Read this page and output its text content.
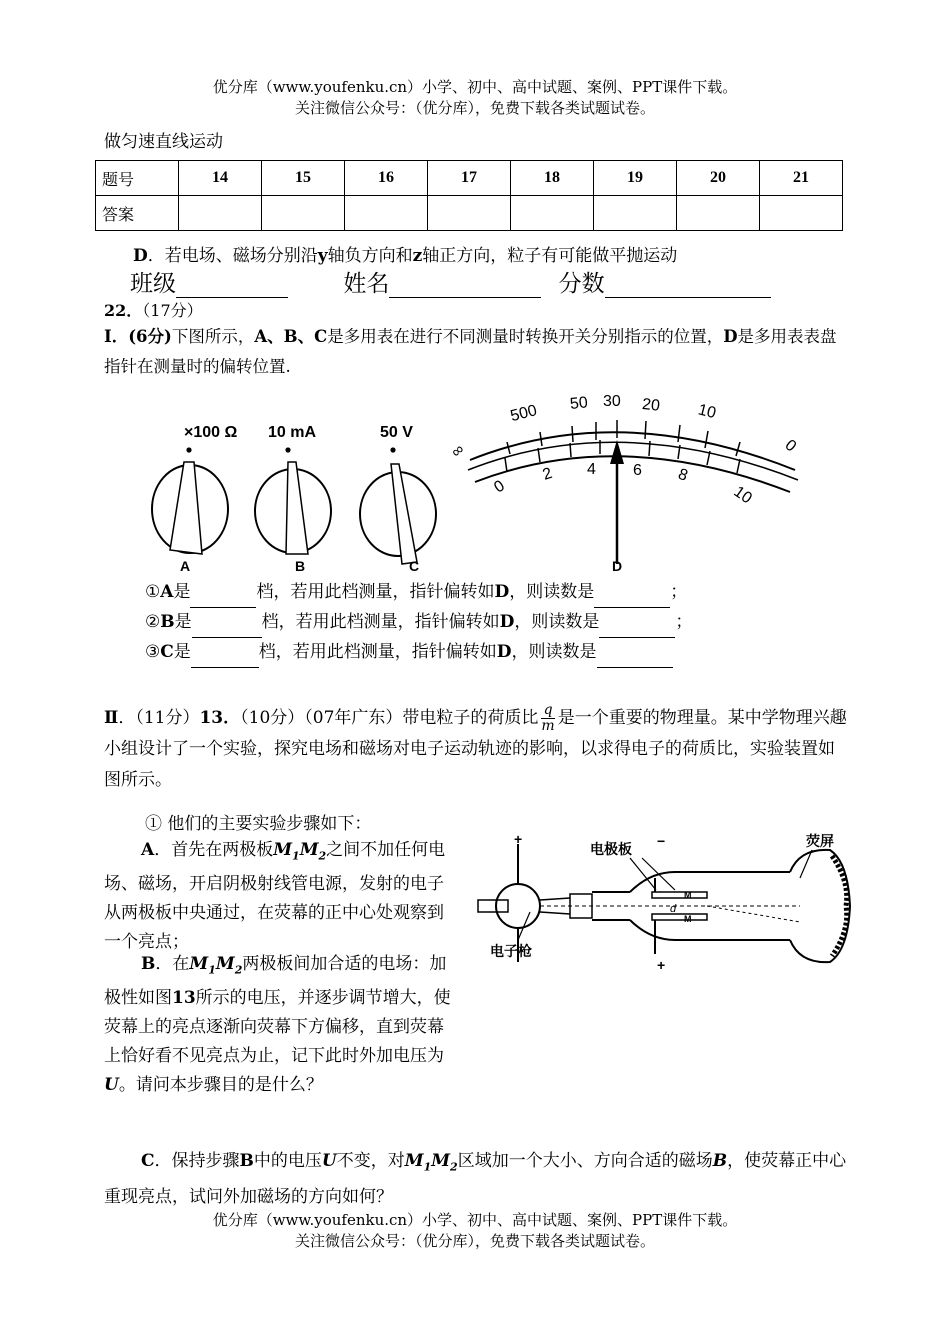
优分库（www.youfenku.cn）小学、初中、高中试题、案例、PPT课件下载。
关注微信公众号：（优分库），免费下载各类试题试卷。
做匀速直线运动
题号	14	15	16	17	18	19	20	21
答案								
D．若电场、磁场分别沿y轴负方向和z轴正方向，粒子有可能做平抛运动
班级	姓名	分数
22．（17分）
Ⅰ．(6分)下图所示，A、B、C是多用表在进行不同测量时转换开关分别指示的位置，D是多用表表盘指针在测量时的偏转位置.
×100 Ω
A
10 mA
B
50 V
C
∞
500 50 30 20 10
0
0
2 4 6 8
10
D
①A是	档，若用此档测量，指针偏转如D，则读数是	；
②B是	档，若用此档测量，指针偏转如D，则读数是	；
③C是	档，若用此档测量，指针偏转如D，则读数是
Ⅱ．（11分）13．（10分）（07年广东）带电粒子的荷质比 $\frac{q}{m}$ 是一个重要的物理量。某中学物理兴趣小组设计了一个实验，探究电场和磁场对电子运动轨迹的影响，以求得电子的荷质比，实验装置如图所示。
① 他们的主要实验步骤如下：
A．首先在两极板$M_1M_2$之间不加任何电场、磁场，开启阴极射线管电源，发射的电子从两极板中央通过，在荧幕的正中心处观察到一个亮点；
B．在$M_1M_2$两极板间加合适的电场：加极性如图13所示的电压，并逐步调节增大，使荧幕上的亮点逐渐向荧幕下方偏移，直到荧幕上恰好看不见亮点为止，记下此时外加电压为U。请问本步骤目的是什么？
+	−
+
M
M
d
电极板	荧屏
电子枪
C．保持步骤B中的电压U不变，对$M_1M_2$区域加一个大小、方向合适的磁场B，使荧幕正中心重现亮点，试问外加磁场的方向如何？
优分库（www.youfenku.cn）小学、初中、高中试题、案例、PPT课件下载。
关注微信公众号：（优分库），免费下载各类试题试卷。
